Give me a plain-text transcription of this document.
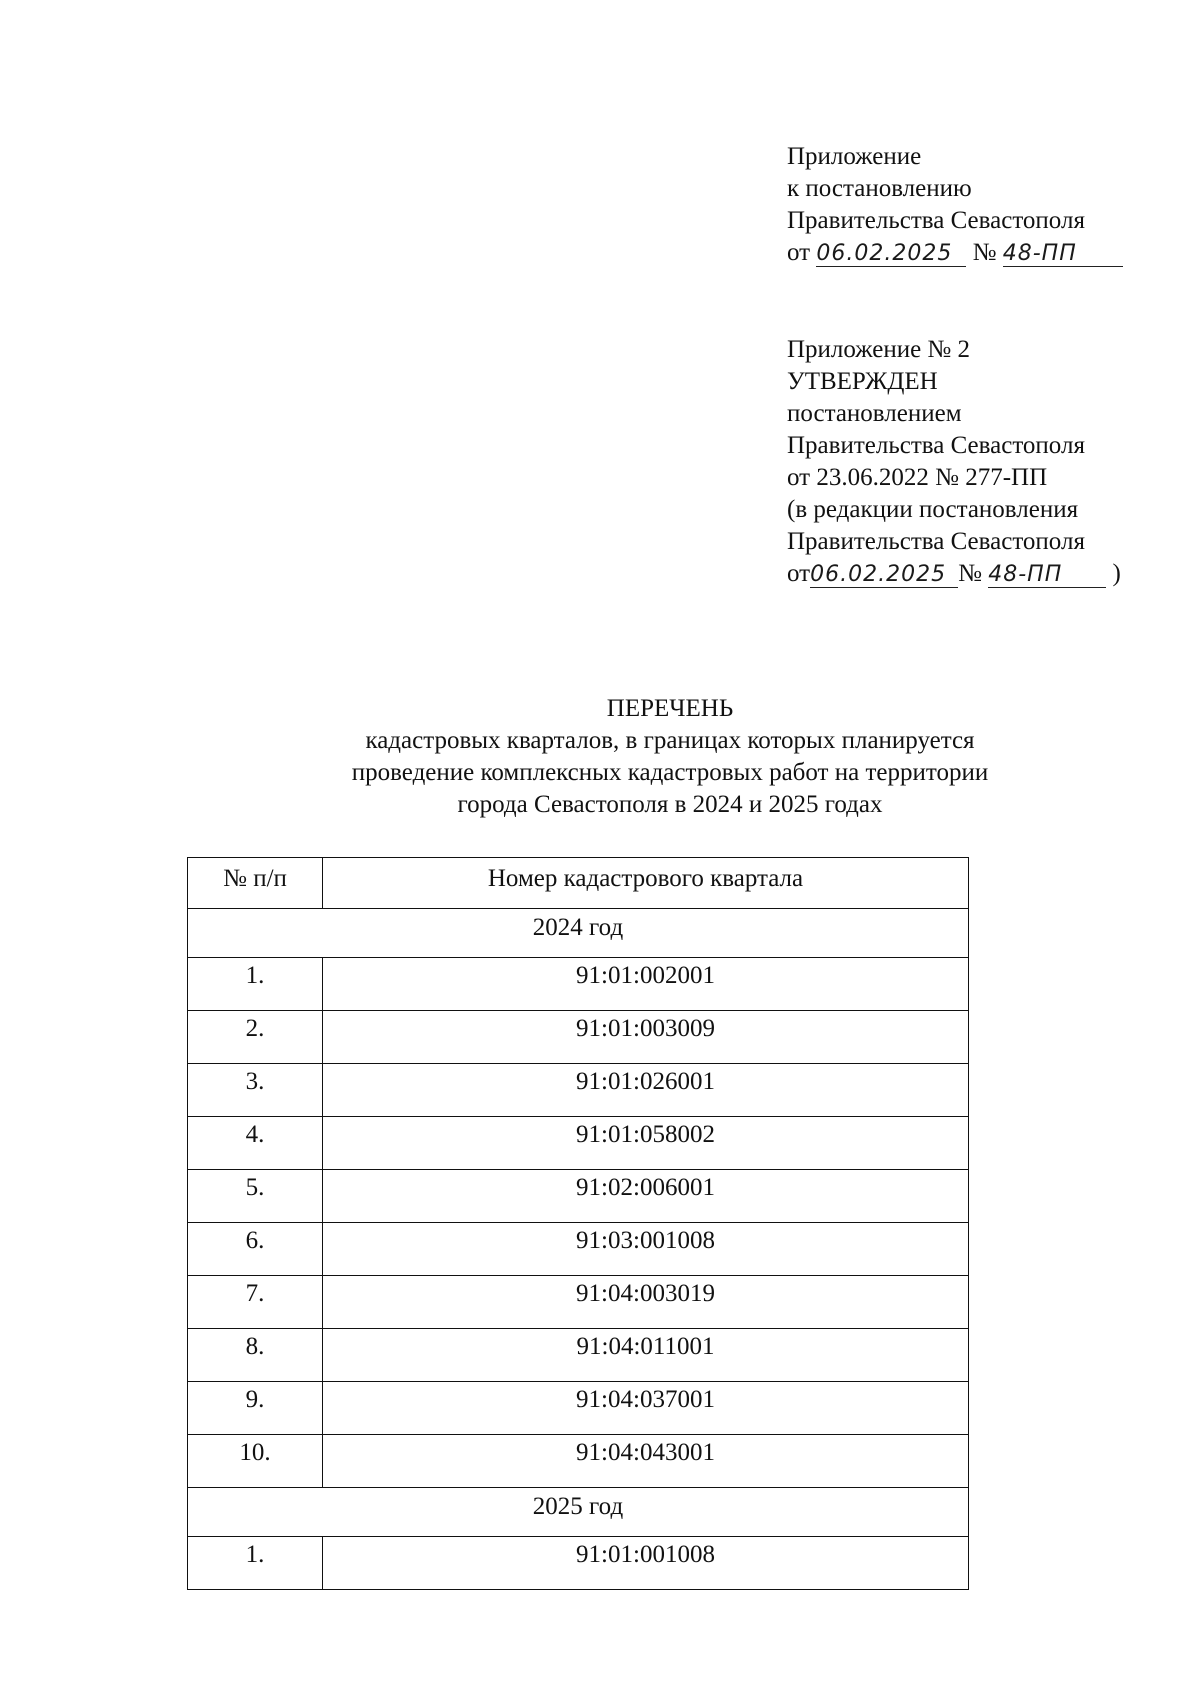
Приложение
к постановлению
Правительства Севастополя
от 06.02.2025 № 48-ПП
Приложение № 2
УТВЕРЖДЕН
постановлением
Правительства Севастополя
от 23.06.2022 № 277-ПП
(в редакции постановления
Правительства Севастополя
от06.02.2025 № 48-ПП )
ПЕРЕЧЕНЬ
кадастровых кварталов, в границах которых планируется
проведение комплексных кадастровых работ на территории
города Севастополя в 2024 и 2025 годах
№ п/п	Номер кадастрового квартала
2024 год	
1.	91:01:002001
2.	91:01:003009
3.	91:01:026001
4.	91:01:058002
5.	91:02:006001
6.	91:03:001008
7.	91:04:003019
8.	91:04:011001
9.	91:04:037001
10.	91:04:043001
2025 год	
1.	91:01:001008
